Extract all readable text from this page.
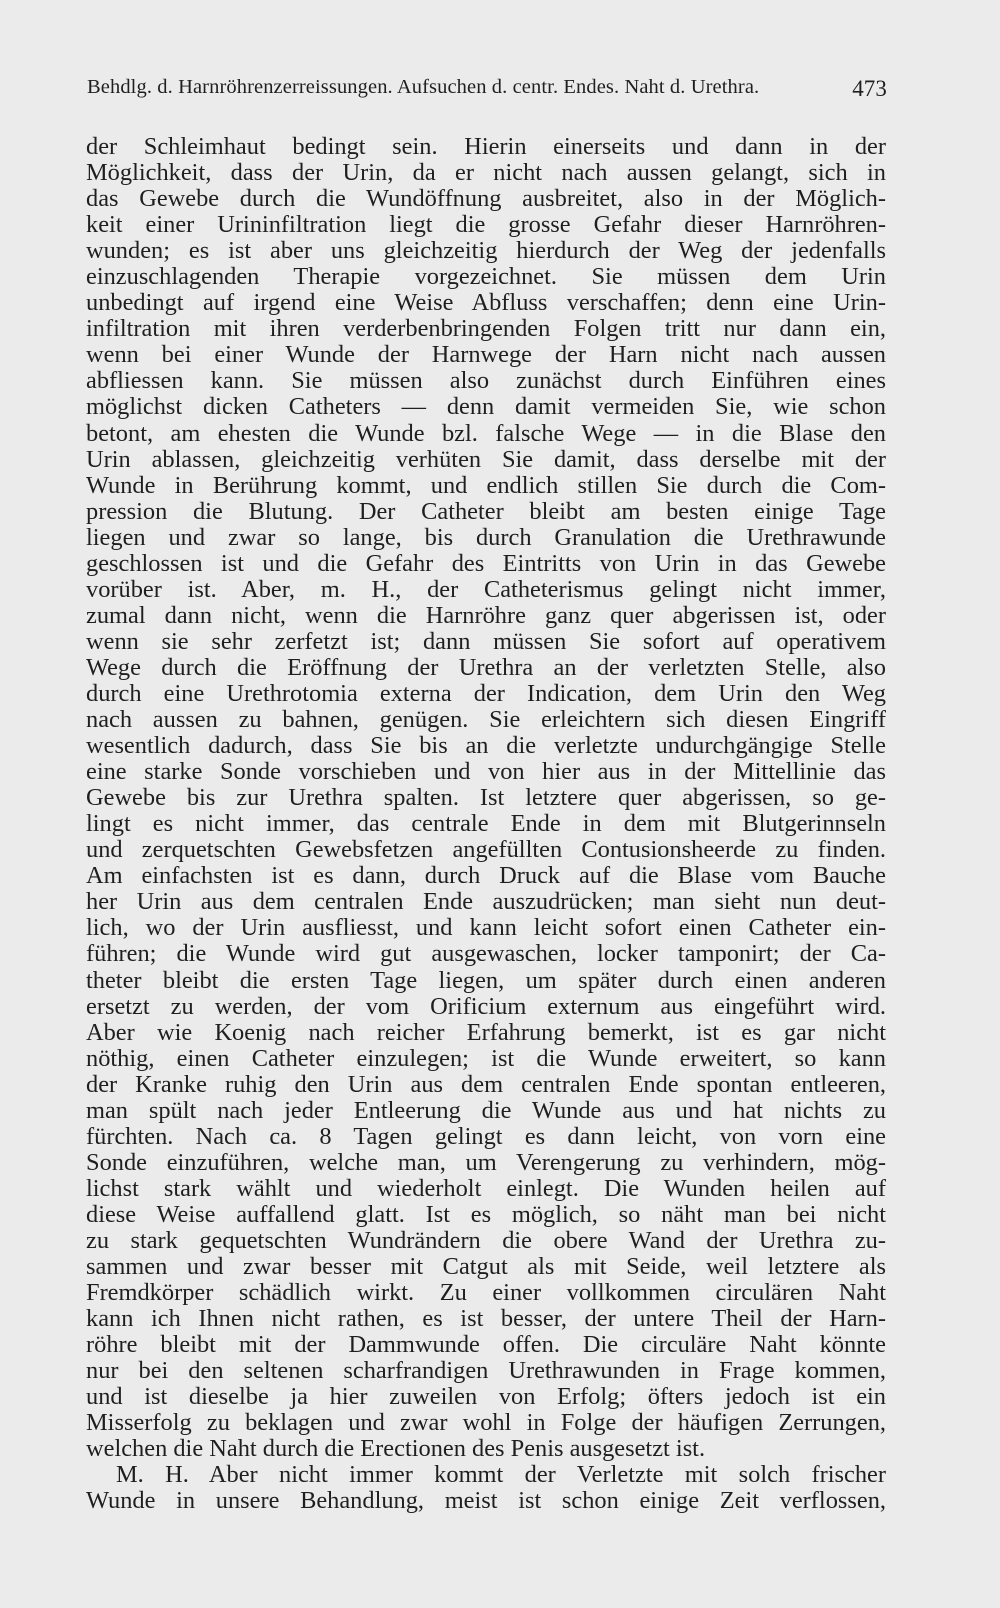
Behdlg. d. Harnröhrenzerreissungen. Aufsuchen d. centr. Endes. Naht d. Urethra.	473
der Schleimhaut bedingt sein. Hierin einerseits und dann in der
Möglichkeit, dass der Urin, da er nicht nach aussen gelangt, sich in
das Gewebe durch die Wundöffnung ausbreitet, also in der Möglich-
keit einer Urininfiltration liegt die grosse Gefahr dieser Harnröhren-
wunden; es ist aber uns gleichzeitig hierdurch der Weg der jedenfalls
einzuschlagenden Therapie vorgezeichnet. Sie müssen dem Urin
unbedingt auf irgend eine Weise Abfluss verschaffen; denn eine Urin-
infiltration mit ihren verderbenbringenden Folgen tritt nur dann ein,
wenn bei einer Wunde der Harnwege der Harn nicht nach aussen
abfliessen kann. Sie müssen also zunächst durch Einführen eines
möglichst dicken Catheters — denn damit vermeiden Sie, wie schon
betont, am ehesten die Wunde bzl. falsche Wege — in die Blase den
Urin ablassen, gleichzeitig verhüten Sie damit, dass derselbe mit der
Wunde in Berührung kommt, und endlich stillen Sie durch die Com-
pression die Blutung. Der Catheter bleibt am besten einige Tage
liegen und zwar so lange, bis durch Granulation die Urethrawunde
geschlossen ist und die Gefahr des Eintritts von Urin in das Gewebe
vorüber ist. Aber, m. H., der Catheterismus gelingt nicht immer,
zumal dann nicht, wenn die Harnröhre ganz quer abgerissen ist, oder
wenn sie sehr zerfetzt ist; dann müssen Sie sofort auf operativem
Wege durch die Eröffnung der Urethra an der verletzten Stelle, also
durch eine Urethrotomia externa der Indication, dem Urin den Weg
nach aussen zu bahnen, genügen. Sie erleichtern sich diesen Eingriff
wesentlich dadurch, dass Sie bis an die verletzte undurchgängige Stelle
eine starke Sonde vorschieben und von hier aus in der Mittellinie das
Gewebe bis zur Urethra spalten. Ist letztere quer abgerissen, so ge-
lingt es nicht immer, das centrale Ende in dem mit Blutgerinnseln
und zerquetschten Gewebsfetzen angefüllten Contusionsheerde zu finden.
Am einfachsten ist es dann, durch Druck auf die Blase vom Bauche
her Urin aus dem centralen Ende auszudrücken; man sieht nun deut-
lich, wo der Urin ausfliesst, und kann leicht sofort einen Catheter ein-
führen; die Wunde wird gut ausgewaschen, locker tamponirt; der Ca-
theter bleibt die ersten Tage liegen, um später durch einen anderen
ersetzt zu werden, der vom Orificium externum aus eingeführt wird.
Aber wie Koenig nach reicher Erfahrung bemerkt, ist es gar nicht
nöthig, einen Catheter einzulegen; ist die Wunde erweitert, so kann
der Kranke ruhig den Urin aus dem centralen Ende spontan entleeren,
man spült nach jeder Entleerung die Wunde aus und hat nichts zu
fürchten. Nach ca. 8 Tagen gelingt es dann leicht, von vorn eine
Sonde einzuführen, welche man, um Verengerung zu verhindern, mög-
lichst stark wählt und wiederholt einlegt. Die Wunden heilen auf
diese Weise auffallend glatt. Ist es möglich, so näht man bei nicht
zu stark gequetschten Wundrändern die obere Wand der Urethra zu-
sammen und zwar besser mit Catgut als mit Seide, weil letztere als
Fremdkörper schädlich wirkt. Zu einer vollkommen circulären Naht
kann ich Ihnen nicht rathen, es ist besser, der untere Theil der Harn-
röhre bleibt mit der Dammwunde offen. Die circuläre Naht könnte
nur bei den seltenen scharfrandigen Urethrawunden in Frage kommen,
und ist dieselbe ja hier zuweilen von Erfolg; öfters jedoch ist ein
Misserfolg zu beklagen und zwar wohl in Folge der häufigen Zerrungen,
welchen die Naht durch die Erectionen des Penis ausgesetzt ist.
M. H. Aber nicht immer kommt der Verletzte mit solch frischer
Wunde in unsere Behandlung, meist ist schon einige Zeit verflossen,
